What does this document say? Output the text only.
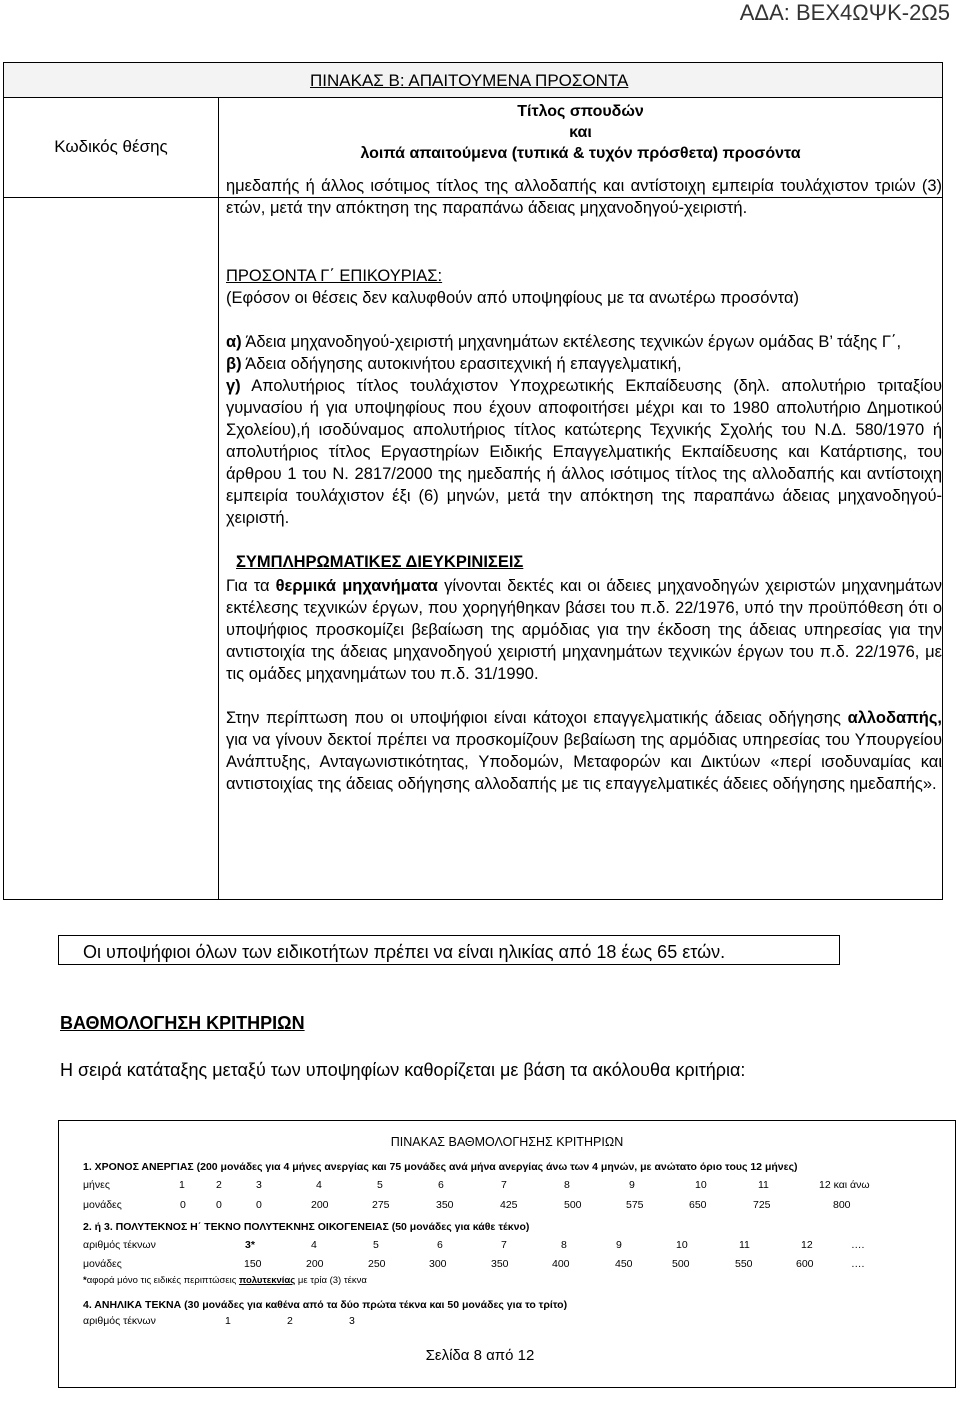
ΑΔΑ: ΒΕΧ4ΩΨΚ-2Ω5
ΠΙΝΑΚΑΣ Β: ΑΠΑΙΤΟΥΜΕΝΑ ΠΡΟΣΟΝΤΑ
Κωδικός θέσης
Τίτλος σπουδών
και
λοιπά απαιτούμενα (τυπικά & τυχόν πρόσθετα) προσόντα

ημεδαπής ή άλλος ισότιμος τίτλος της αλλοδαπής και αντίστοιχη εμπειρία τουλάχιστον τριών (3) ετών, μετά την απόκτηση της παραπάνω άδειας μηχανοδηγού-χειριστή.

ΠΡΟΣΟΝΤΑ Γ΄ ΕΠΙΚΟΥΡΙΑΣ:

(Εφόσον οι θέσεις δεν καλυφθούν από υποψηφίους με τα ανωτέρω προσόντα)

α) Άδεια μηχανοδηγού-χειριστή μηχανημάτων εκτέλεσης τεχνικών έργων ομάδας Β’ τάξης Γ΄,

β) Άδεια οδήγησης αυτοκινήτου ερασιτεχνική ή επαγγελματική,

γ) Απολυτήριος τίτλος τουλάχιστον Υποχρεωτικής Εκπαίδευσης (δηλ. απολυτήριο τριταξίου γυμνασίου ή για υποψηφίους που έχουν αποφοιτήσει μέχρι και το 1980 απολυτήριο Δημοτικού Σχολείου),ή ισοδύναμος απολυτήριος τίτλος κατώτερης Τεχνικής Σχολής του Ν.Δ. 580/1970 ή απολυτήριος τίτλος Εργαστηρίων Ειδικής Επαγγελματικής Εκπαίδευσης και Κατάρτισης, του άρθρου 1 του Ν. 2817/2000 της ημεδαπής ή άλλος ισότιμος τίτλος της αλλοδαπής και αντίστοιχη εμπειρία τουλάχιστον έξι (6) μηνών, μετά την απόκτηση της παραπάνω άδειας μηχανοδηγού-χειριστή.

ΣΥΜΠΛΗΡΩΜΑΤΙΚΕΣ ΔΙΕΥΚΡΙΝΙΣΕΙΣ

Για τα θερμικά μηχανήματα γίνονται δεκτές και οι άδειες μηχανοδηγών χειριστών μηχανημάτων εκτέλεσης τεχνικών έργων, που χορηγήθηκαν βάσει του π.δ. 22/1976, υπό την προϋπόθεση ότι ο υποψήφιος προσκομίζει βεβαίωση της αρμόδιας για την έκδοση της άδειας υπηρεσίας για την αντιστοιχία της άδειας μηχανοδηγού χειριστή μηχανημάτων τεχνικών έργων του π.δ. 22/1976, με τις ομάδες μηχανημάτων του π.δ. 31/1990.

Στην περίπτωση που οι υποψήφιοι είναι κάτοχοι επαγγελματικής άδειας οδήγησης αλλοδαπής, για να γίνουν δεκτοί πρέπει να προσκομίζουν βεβαίωση της αρμόδιας υπηρεσίας του Υπουργείου Ανάπτυξης, Ανταγωνιστικότητας, Υποδομών, Μεταφορών και Δικτύων «περί ισοδυναμίας και αντιστοιχίας της άδειας οδήγησης αλλοδαπής με τις επαγγελματικές άδειες οδήγησης ημεδαπής».

Οι υποψήφιοι όλων των ειδικοτήτων πρέπει να είναι ηλικίας από 18 έως 65 ετών.
ΒΑΘΜΟΛΟΓΗΣΗ ΚΡΙΤΗΡΙΩΝ
Η σειρά κατάταξης μεταξύ των υποψηφίων καθορίζεται με βάση τα ακόλουθα κριτήρια:
ΠΙΝΑΚΑΣ ΒΑΘΜΟΛΟΓΗΣΗΣ ΚΡΙΤΗΡΙΩΝ
1. ΧΡΟΝΟΣ ΑΝΕΡΓΙΑΣ (200 μονάδες για 4 μήνες ανεργίας και 75 μονάδες ανά μήνα ανεργίας άνω των 4 μηνών, με ανώτατο όριο τους 12 μήνες)
μήνες	1	2	3	4	5	6	7	8	9	10	11	12 και άνω
μονάδες	0	0	0	200	275	350	425	500	575	650	725	800
2. ή 3. ΠΟΛΥΤΕΚΝΟΣ Η΄ ΤΕΚΝΟ ΠΟΛΥΤΕΚΝΗΣ ΟΙΚΟΓΕΝΕΙΑΣ (50 μονάδες για κάθε τέκνο)
αριθμός τέκνων	3*	4	5	6	7	8	9	10	11	12	….
μονάδες	150	200	250	300	350	400	450	500	550	600	….
*αφορά μόνο τις ειδικές περιπτώσεις πολυτεκνίας με τρία (3) τέκνα
4. ΑΝΗΛΙΚΑ ΤΕΚΝΑ (30 μονάδες για καθένα από τα δύο πρώτα τέκνα και 50 μονάδες για το τρίτο)
αριθμός τέκνων	1	2	3
Σελίδα 8 από 12
